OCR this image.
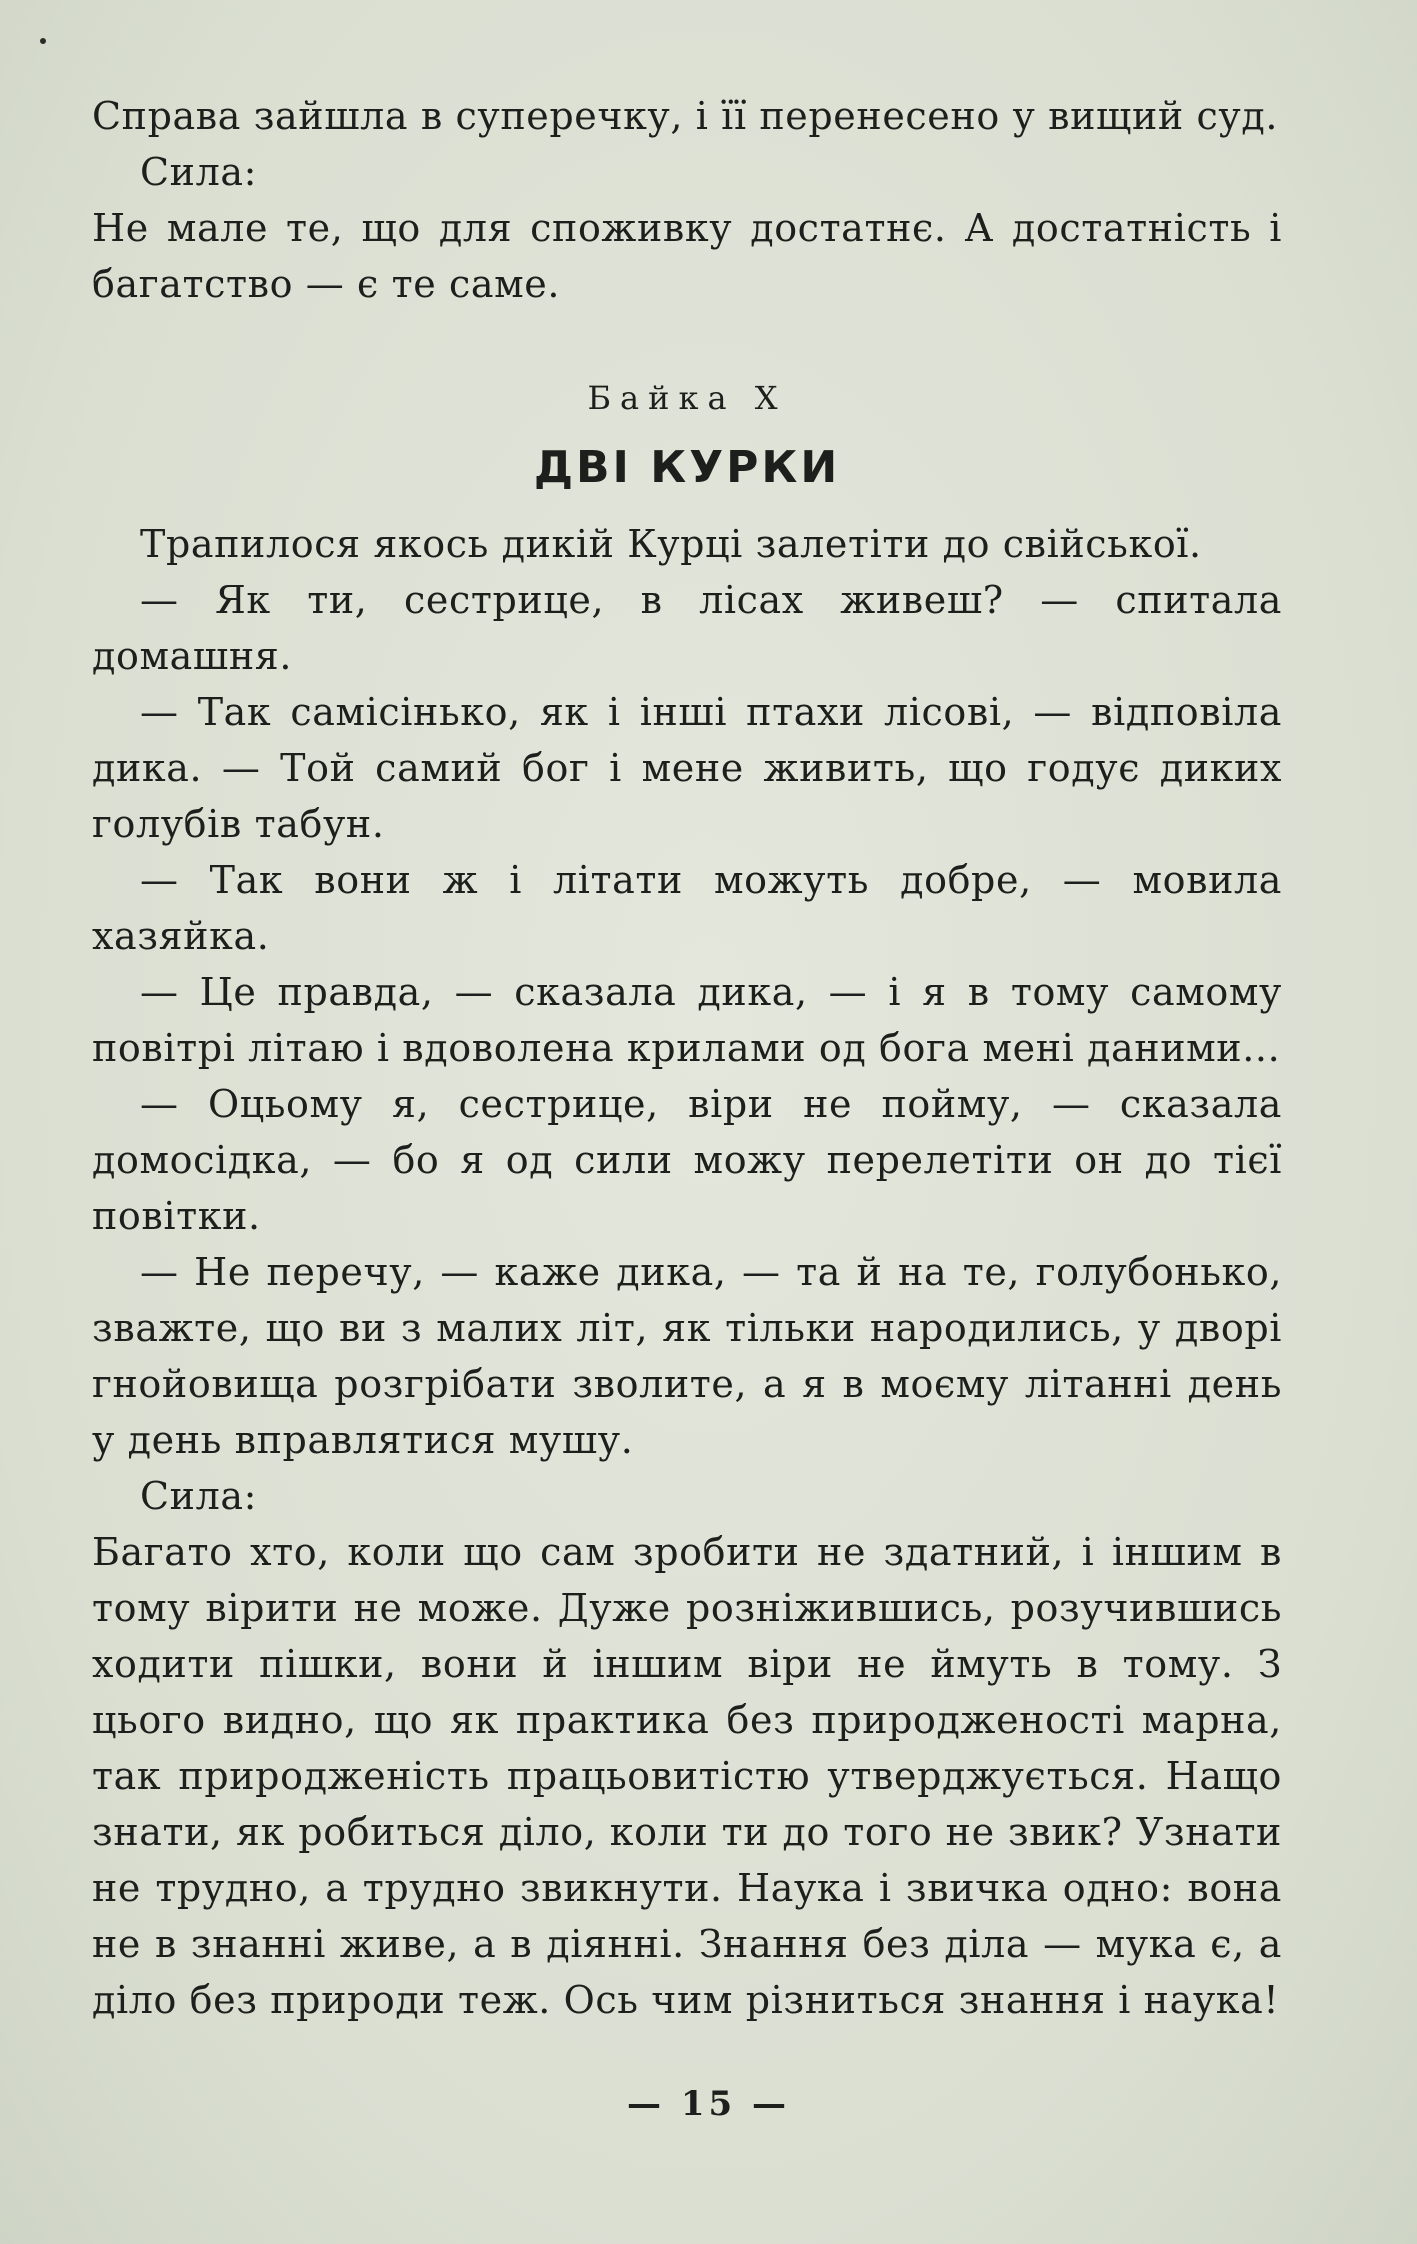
Справа зайшла в суперечку, і її перенесено у вищий суд.

Сила:

Не мале те, що для споживку достатнє. А достатність і багатство — є те саме.

Байка X

ДВІ КУРКИ

Трапилося якось дикій Курці залетіти до свійської.

— Як ти, сестрице, в лісах живеш? — спитала домашня.

— Так самісінько, як і інші птахи лісові, — відповіла дика. — Той самий бог і мене живить, що годує диких голубів табун.

— Так вони ж і літати можуть добре, — мовила хазяйка.

— Це правда, — сказала дика, — і я в тому самому повітрі літаю і вдоволена крилами од бога мені даними...

— Оцьому я, сестрице, віри не пойму, — сказала домосідка, — бо я од сили можу перелетіти он до тієї повітки.

— Не перечу, — каже дика, — та й на те, голубонько, зважте, що ви з малих літ, як тільки народились, у дворі гнойовища розгрібати зволите, а я в моєму літанні день у день вправлятися мушу.

Сила:

Багато хто, коли що сам зробити не здатний, і іншим в тому вірити не може. Дуже розніжившись, розучившись ходити пішки, вони й іншим віри не ймуть в тому. З цього видно, що як практика без природженості марна, так природженість працьовитістю утверджується. Нащо знати, як робиться діло, коли ти до того не звик? Узнати не трудно, а трудно звикнути. Наука і звичка одно: вона не в знанні живе, а в діянні. Знання без діла — мука є, а діло без природи теж. Ось чим різниться знання і наука!

— 15 —
